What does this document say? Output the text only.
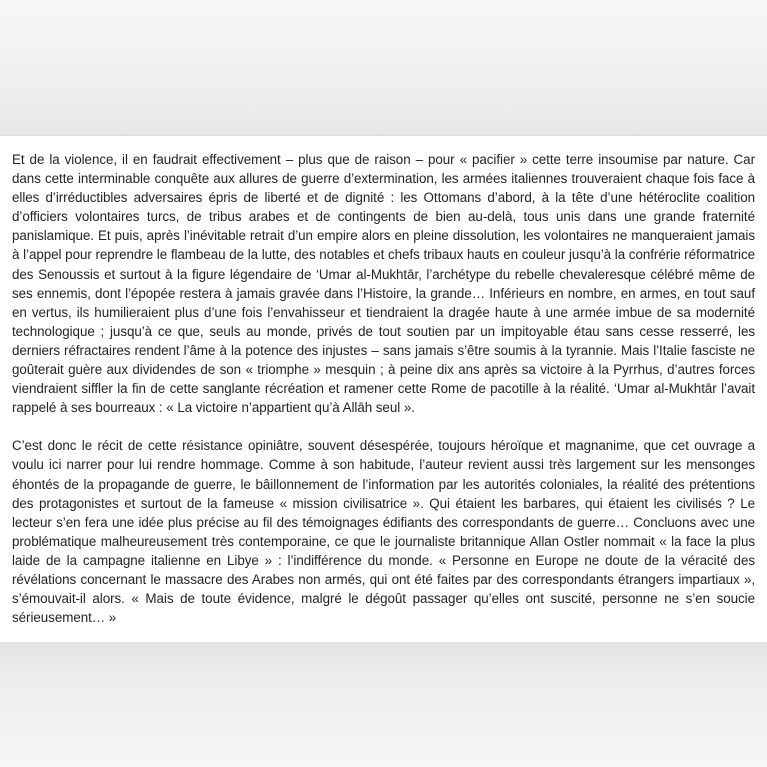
Et de la violence, il en faudrait effectivement – plus que de raison – pour « pacifier » cette terre insoumise par nature. Car dans cette interminable conquête aux allures de guerre d’extermination, les armées italiennes trouveraient chaque fois face à elles d’irréductibles adversaires épris de liberté et de dignité : les Ottomans d’abord, à la tête d’une hétéroclite coalition d’officiers volontaires turcs, de tribus arabes et de contingents de bien au-delà, tous unis dans une grande fraternité panislamique. Et puis, après l’inévitable retrait d’un empire alors en pleine dissolution, les volontaires ne manqueraient jamais à l’appel pour reprendre le flambeau de la lutte, des notables et chefs tribaux hauts en couleur jusqu’à la confrérie réformatrice des Senoussis et surtout à la figure légendaire de ‘Umar al-Mukhtār, l’archétype du rebelle chevaleresque célébré même de ses ennemis, dont l’épopée restera à jamais gravée dans l’Histoire, la grande… Inférieurs en nombre, en armes, en tout sauf en vertus, ils humilieraient plus d’une fois l’envahisseur et tiendraient la dragée haute à une armée imbue de sa modernité technologique ; jusqu’à ce que, seuls au monde, privés de tout soutien par un impitoyable étau sans cesse resserré, les derniers réfractaires rendent l’âme à la potence des injustes – sans jamais s’être soumis à la tyrannie. Mais l’Italie fasciste ne goûterait guère aux dividendes de son « triomphe » mesquin ; à peine dix ans après sa victoire à la Pyrrhus, d’autres forces viendraient siffler la fin de cette sanglante récréation et ramener cette Rome de pacotille à la réalité. ‘Umar al-Mukhtār l’avait rappelé à ses bourreaux : « La victoire n’appartient qu’à Allāh seul ».

C’est donc le récit de cette résistance opiniâtre, souvent désespérée, toujours héroïque et magnanime, que cet ouvrage a voulu ici narrer pour lui rendre hommage. Comme à son habitude, l’auteur revient aussi très largement sur les mensonges éhontés de la propagande de guerre, le bâillonnement de l’information par les autorités coloniales, la réalité des prétentions des protagonistes et surtout de la fameuse « mission civilisatrice ». Qui étaient les barbares, qui étaient les civilisés ? Le lecteur s’en fera une idée plus précise au fil des témoignages édifiants des correspondants de guerre… Concluons avec une problématique malheureusement très contemporaine, ce que le journaliste britannique Allan Ostler nommait « la face la plus laide de la campagne italienne en Libye » : l’indifférence du monde. « Personne en Europe ne doute de la véracité des révélations concernant le massacre des Arabes non armés, qui ont été faites par des correspondants étrangers impartiaux », s’émouvait-il alors. « Mais de toute évidence, malgré le dégoût passager qu’elles ont suscité, personne ne s’en soucie sérieusement… »
